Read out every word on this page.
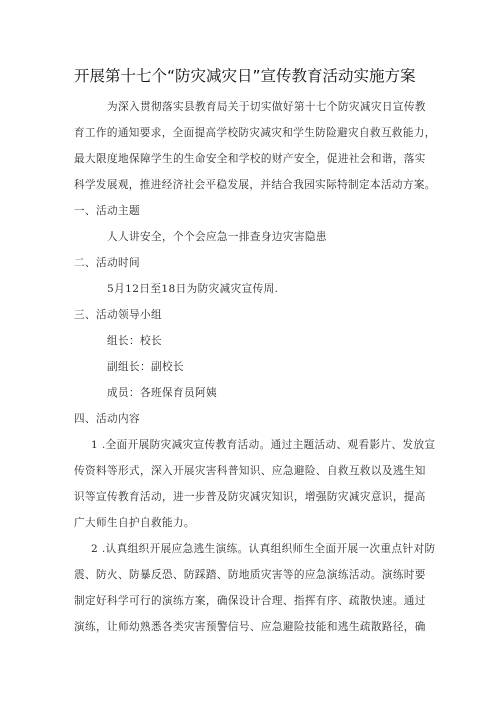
开展第十七个“防灾减灾日”宣传教育活动实施方案
为深入贯彻落实县教育局关于切实做好第十七个防灾减灾日宣传教
育工作的通知要求，全面提高学校防灾减灾和学生防险避灾自救互救能力，
最大限度地保障学生的生命安全和学校的财产安全，促进社会和谐，落实
科学发展观，推进经济社会平稳发展，并结合我园实际特制定本活动方案。
一、活动主题
人人讲安全，个个会应急一排查身边灾害隐患
二、活动时间
5月12日至18日为防灾减灾宣传周.
三、活动领导小组
组长：校长
副组长：副校长
成员：各班保育员阿姨
四、活动内容
1 .全面开展防灾减灾宣传教育活动。通过主题活动、观看影片、发放宣
传资料等形式，深入开展灾害科普知识、应急避险、自救互救以及逃生知
识等宣传教育活动，进一步普及防灾减灾知识，增强防灾减灾意识，提高
广大师生自护自救能力。
2 .认真组织开展应急逃生演练。认真组织师生全面开展一次重点针对防
震、防火、防暴反恐、防踩踏、防地质灾害等的应急演练活动。演练时要
制定好科学可行的演练方案，确保设计合理、指挥有序、疏散快速。通过
演练，让师幼熟悉各类灾害预警信号、应急避险技能和逃生疏散路径，确
